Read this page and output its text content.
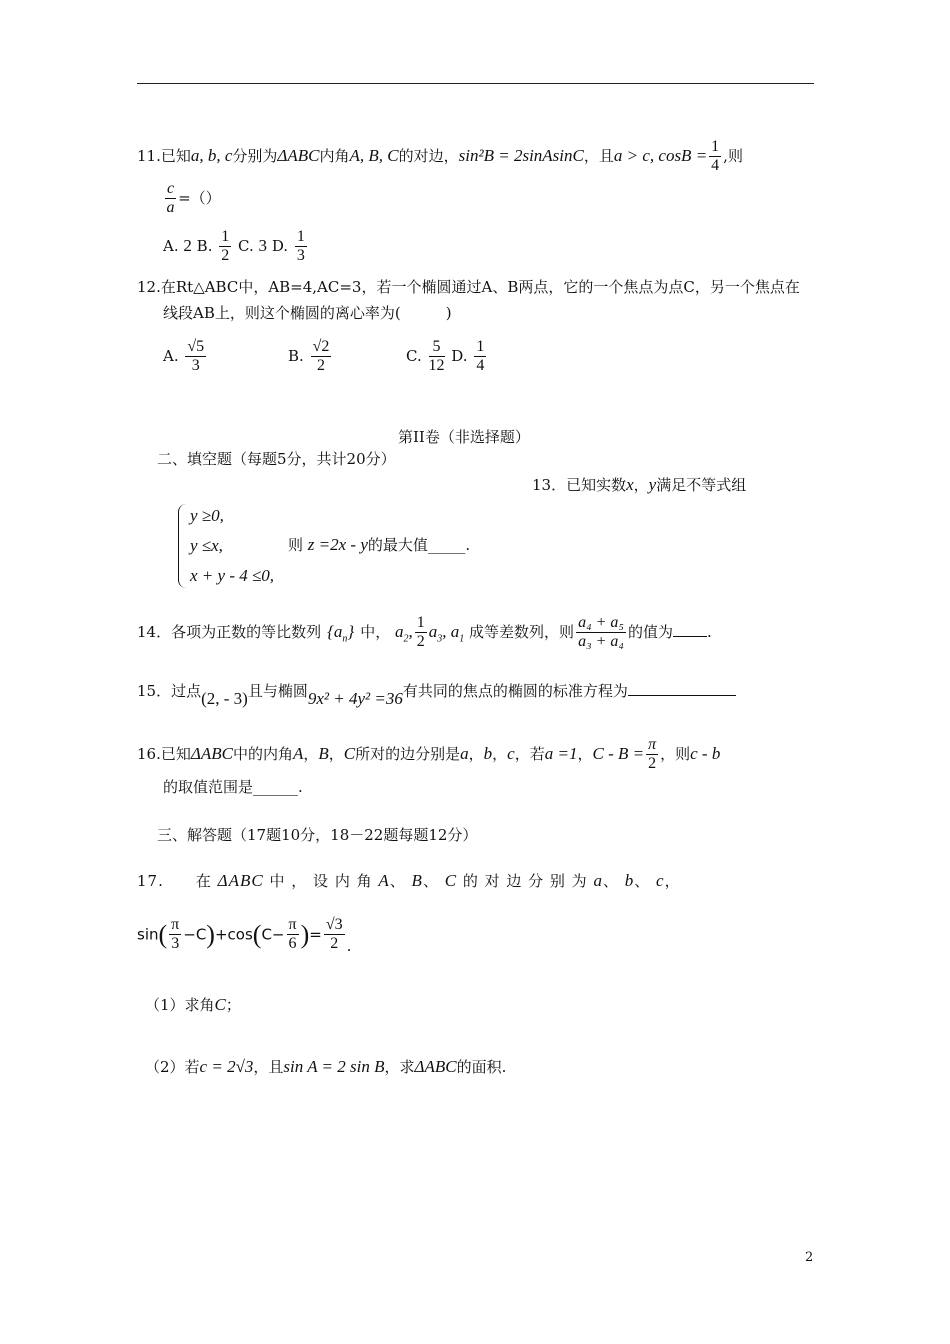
11.已知a, b, c分别为ΔABC内角A, B, C的对边，sin²B = 2sinAsinC，且a > c, $\cos B = \frac{1}{4}$ ,则
$\frac{c}{a}$ =（）
A. 2 B. $\frac{1}{2} C$. 3 D. $\frac{1}{3}$
12.在Rt△ABC中，AB=4,AC=3，若一个椭圆通过A、B两点，它的一个焦点为点C，另一个焦点在
线段AB上，则这个椭圆的离心率为(　　　)
A. $\frac{√5}{3}$	B. $\frac{√2}{2}$	C. $\frac{5}{12} D$. $\frac{1}{4}$
第II卷（非选择题）
二、填空题（每题5分，共计20分）
13．已知实数x，y满足不等式组
y ≥0,
y ≤x,
x + y - 4 ≤0,
则 z =2x - y的最大值_____.
14．各项为正数的等比数列 $\{a_n\}$ 中， $a_2$, $\frac{1}{2} a_3$, $a_1$ 成等差数列，则 $\frac{\text{a₄ + a₅}}{\text{a₃ + a₄}}$ 的值为 .
15．过点(2, - 3)且与椭圆9x² + 4y² =36有共同的焦点的椭圆的标准方程为
16.已知ΔABC中的内角A，B，C所对的边分别是a，b，c，若a =1，$C - B = \frac{\pi}{2}$ ，则c - b
的取值范围是______.
三、解答题（17题10分，18－22题每题12分）
17.　　在 ΔABC 中 ， 设 内 角 A、 B、 C 的 对 边 分 别 为 a、 b、 c，
$\sin( \frac{\pi}{3} -C)+\cos(C- \frac{\pi}{6}$ )= $\frac{√3}{2}$ .
（1）求角C；
（2）若c = 2√3，且sin A = 2 sin B，求ΔABC的面积.
2
